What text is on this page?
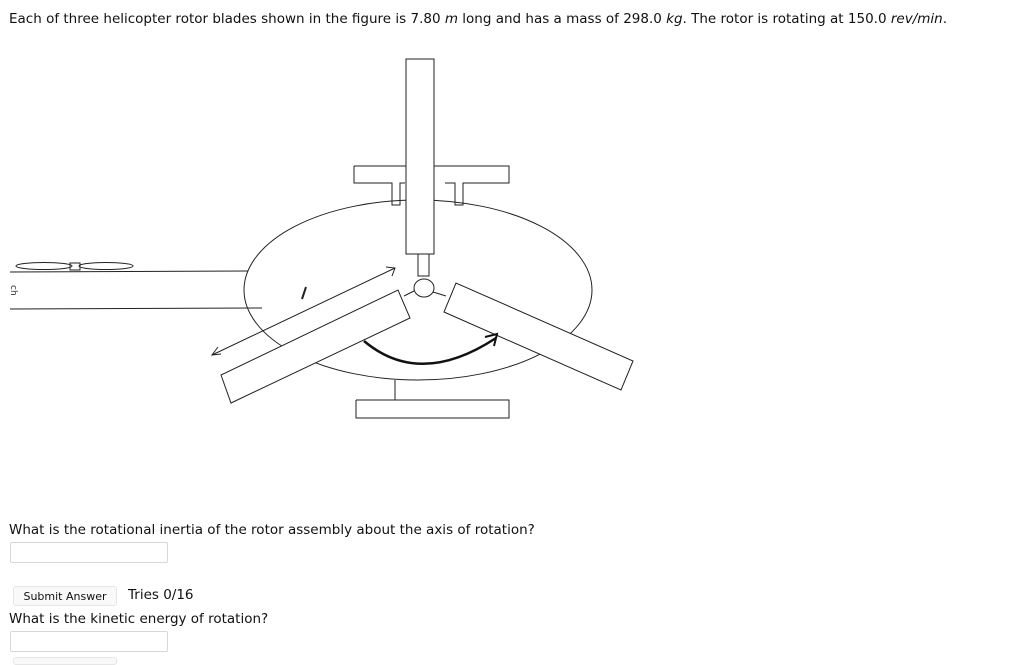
Each of three helicopter rotor blades shown in the figure is 7.80 m long and has a mass of 298.0 kg. The rotor is rotating at 150.0 rev/min.
ch
What is the rotational inertia of the rotor assembly about the axis of rotation?
Submit Answer	Tries 0/16
What is the kinetic energy of rotation?
